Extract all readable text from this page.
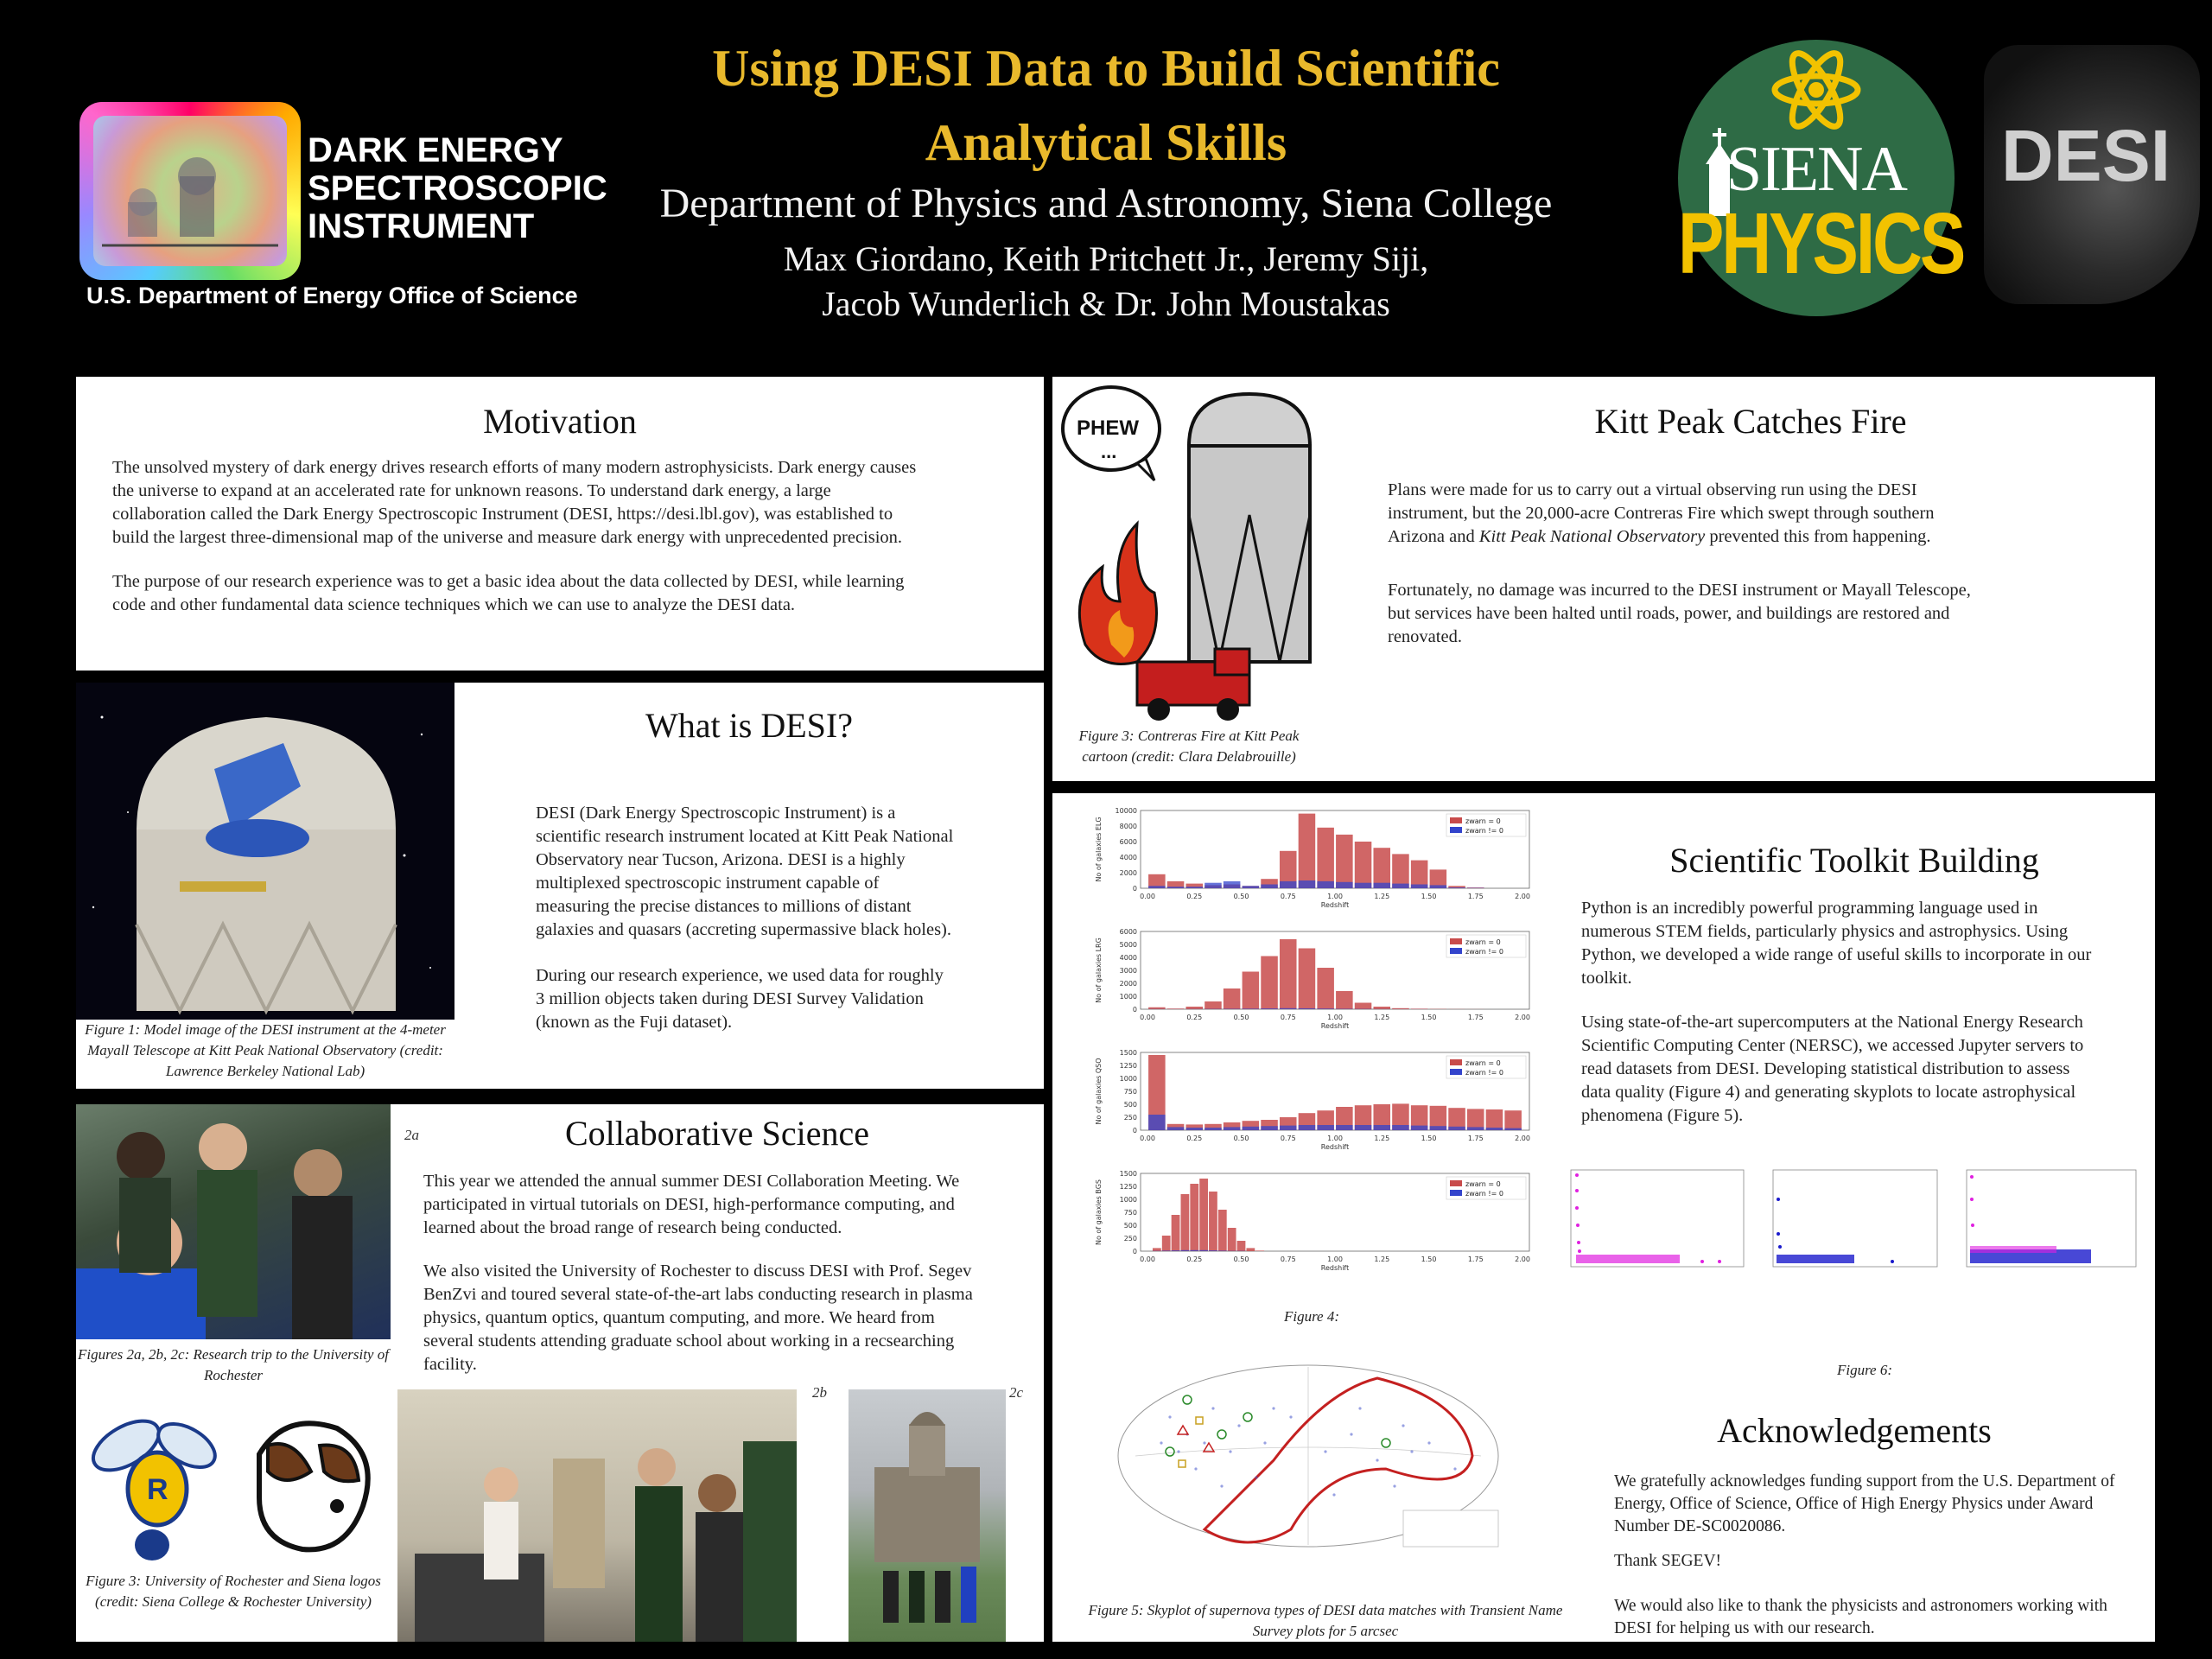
Using DESI Data to Build Scientific
Analytical Skills
Department of Physics and Astronomy, Siena College
Max Giordano, Keith Pritchett Jr., Jeremy Siji,
Jacob Wunderlich & Dr. John Moustakas
DARK ENERGY
SPECTROSCOPIC
INSTRUMENT
U.S. Department of Energy Office of Science
SIENA
PHYSICS
DESI
Motivation
The unsolved mystery of dark energy drives research efforts of many modern astrophysicists. Dark energy causes
the universe to expand at an accelerated rate for unknown reasons. To understand dark energy, a large
collaboration called the Dark Energy Spectroscopic Instrument (DESI, https://desi.lbl.gov), was established to
build the largest three-dimensional map of the universe and measure dark energy with unprecedented precision.
The purpose of our research experience was to get a basic idea about the data collected by DESI, while learning
code and other fundamental data science techniques which we can use to analyze the DESI data.
Figure 1: Model image of the DESI instrument at the 4-meter Mayall Telescope at Kitt Peak National Observatory (credit: Lawrence Berkeley National Lab)
What is DESI?
DESI (Dark Energy Spectroscopic Instrument) is a
scientific research instrument located at Kitt Peak National
Observatory near Tucson, Arizona. DESI is a highly
multiplexed spectroscopic instrument capable of
measuring the precise distances to millions of distant
galaxies and quasars (accreting supermassive black holes).
During our research experience, we used data for roughly
3 million objects taken during DESI Survey Validation
(known as the Fuji dataset).
2a
Figures 2a, 2b, 2c: Research trip to the University of Rochester
R
Figure 3: University of Rochester and Siena logos (credit: Siena College & Rochester University)
Collaborative Science
This year we attended the annual summer DESI Collaboration Meeting. We
participated in virtual tutorials on DESI, high-performance computing, and
learned about the broad range of research being conducted.
We also visited the University of Rochester to discuss DESI with Prof. Segev
BenZvi and toured several state-of-the-art labs conducting research in plasma
physics, quantum optics, quantum computing, and more. We heard from
several students attending graduate school about working in a recsearching
facility.
2b	2c
PHEW
...
Figure 3: Contreras Fire at Kitt Peak cartoon (credit: Clara Delabrouille)
Kitt Peak Catches Fire
Plans were made for us to carry out a virtual observing run using the DESI
instrument, but the 20,000-acre Contreras Fire which swept through southern
Arizona and Kitt Peak National Observatory prevented this from happening.
Fortunately, no damage was incurred to the DESI instrument or Mayall Telescope,
but services have been halted until roads, power, and buildings are restored and
renovated.
0.00	0.25	0.50	0.75	1.00	1.25	1.50	1.75	2.00
0
2000
4000
6000
8000
10000
Redshift
No of galaxies ELG	zwarn = 0
zwarn != 0
0.00	0.25	0.50	0.75	1.00	1.25	1.50	1.75	2.00
0
1000
2000
3000
4000
5000
6000
Redshift
No of galaxies LRG	zwarn = 0
zwarn != 0
0.00	0.25	0.50	0.75	1.00	1.25	1.50	1.75	2.00
0
250
500
750
1000
1250
1500
Redshift
No of galaxies QSO	zwarn = 0
zwarn != 0
0.00	0.25	0.50	0.75	1.00	1.25	1.50	1.75	2.00
0
250
500
750
1000
1250
1500
Redshift
No of galaxies BGS	zwarn = 0
zwarn != 0
Figure 4:
Figure 5: Skyplot of supernova types of DESI data matches with Transient Name Survey plots for 5 arcsec
Scientific Toolkit Building
Python is an incredibly powerful programming language used in
numerous STEM fields, particularly physics and astrophysics. Using
Python, we developed a wide range of useful skills to incorporate in our
toolkit.
Using state-of-the-art supercomputers at the National Energy Research
Scientific Computing Center (NERSC), we accessed Jupyter servers to
read datasets from DESI. Developing statistical distribution to assess
data quality (Figure 4) and generating skyplots to locate astrophysical
phenomena (Figure 5).
Figure 6:
Acknowledgements
We gratefully acknowledges funding support from the U.S. Department of
Energy, Office of Science, Office of High Energy Physics under Award
Number DE-SC0020086.
Thank SEGEV!
We would also like to thank the physicists and astronomers working with
DESI for helping us with our research.
